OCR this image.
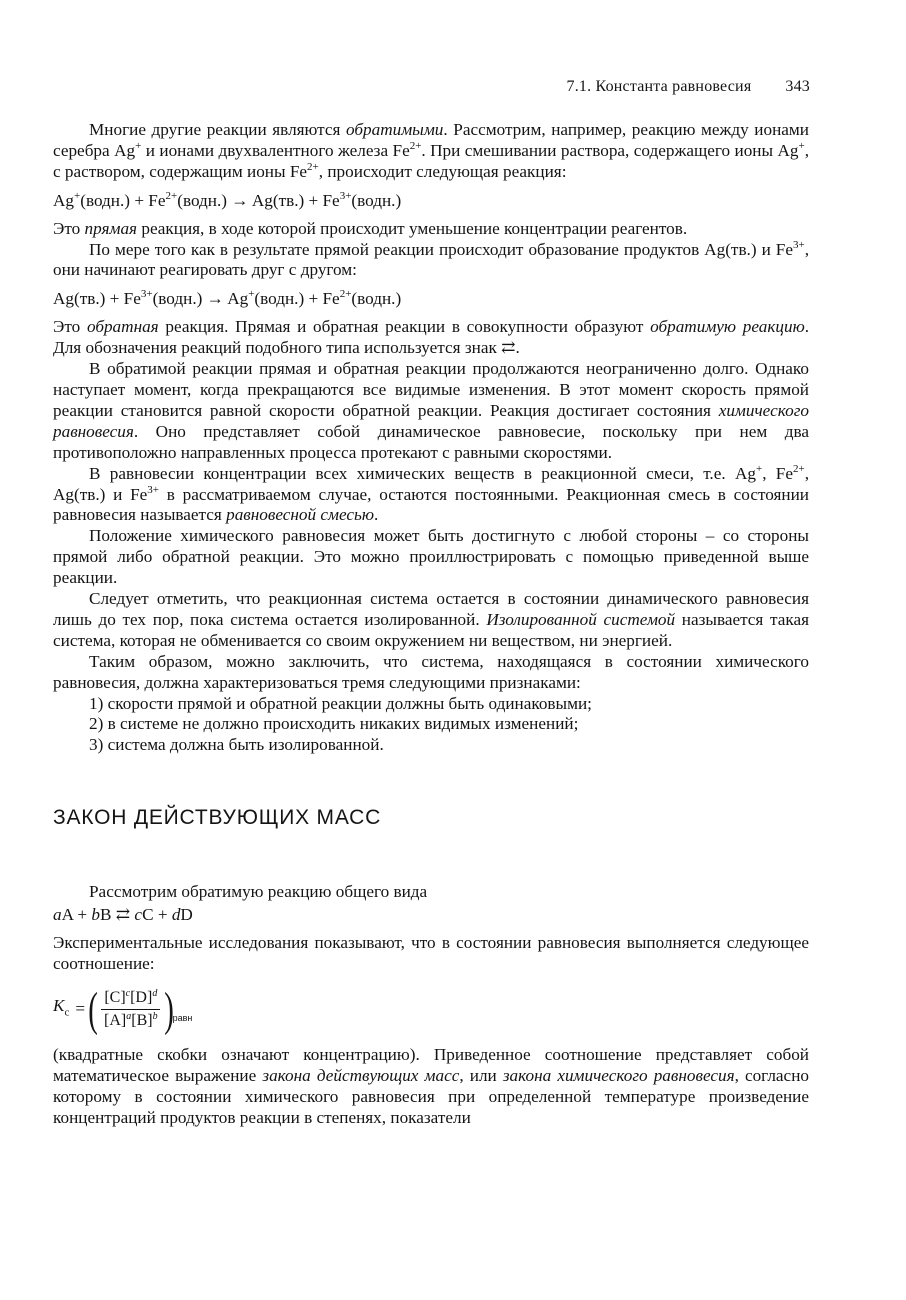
7.1. Константа равновесия 343

Многие другие реакции являются обратимыми. Рассмотрим, например, реакцию между ионами серебра Ag+ и ионами двухвалентного железа $Fe^{2+}$. При смешивании раствора, содержащего ионы Ag+, с раствором, содержащим ионы $Fe^{2+}$, происходит следующая реакция:

Ag+(водн.) + $Fe^{2+}(водн.) \to Ag(тв.)$ + $Fe^{3+}(водн.)$

Это прямая реакция, в ходе которой происходит уменьшение концентрации реагентов.

По мере того как в результате прямой реакции происходит образование продуктов Ag(тв.) и $Fe^{3+}$, они начинают реагировать друг с другом:

$Ag(тв.) + Fe^{3+}(водн.)$ → Ag+(водн.) + $Fe^{2+}(водн.)$

Это обратная реакция. Прямая и обратная реакции в совокупности образуют обратимую реакцию. Для обозначения реакций подобного типа используется знак ⇄.

В обратимой реакции прямая и обратная реакции продолжаются неограниченно долго. Однако наступает момент, когда прекращаются все видимые изменения. В этот момент скорость прямой реакции становится равной скорости обратной реакции. Реакция достигает состояния химического равновесия. Оно представляет собой динамическое равновесие, поскольку при нем два противоположно направленных процесса протекают с равными скоростями.

В равновесии концентрации всех химических веществ в реакционной смеси, т.е. Ag+, $Fe^{2+}$, Ag(тв.) и $Fe^{3+}$ в рассматриваемом случае, остаются постоянными. Реакционная смесь в состоянии равновесия называется равновесной смесью.

Положение химического равновесия может быть достигнуто с любой стороны – со стороны прямой либо обратной реакции. Это можно проиллюстрировать с помощью приведенной выше реакции.

Следует отметить, что реакционная система остается в состоянии динамического равновесия лишь до тех пор, пока система остается изолированной. Изолированной системой называется такая система, которая не обменивается со своим окружением ни веществом, ни энергией.

Таким образом, можно заключить, что система, находящаяся в состоянии химического равновесия, должна характеризоваться тремя следующими признаками:

1) скорости прямой и обратной реакции должны быть одинаковыми;

2) в системе не должно происходить никаких видимых изменений;

3) система должна быть изолированной.

ЗАКОН ДЕЙСТВУЮЩИХ МАСС

Рассмотрим обратимую реакцию общего вида

aA + bB ⇄ cC + dD

Экспериментальные исследования показывают, что в состоянии равновесия выполняется следующее соотношение:

$K_c$ = ( $\frac{[C]^c[D]^d}{[A]^a[B]^b}$ ) равн

(квадратные скобки означают концентрацию). Приведенное соотношение представляет собой математическое выражение закона действующих масс, или закона химического равновесия, согласно которому в состоянии химического равновесия при определенной температуре произведение концентраций продуктов реакции в степенях, показатели
